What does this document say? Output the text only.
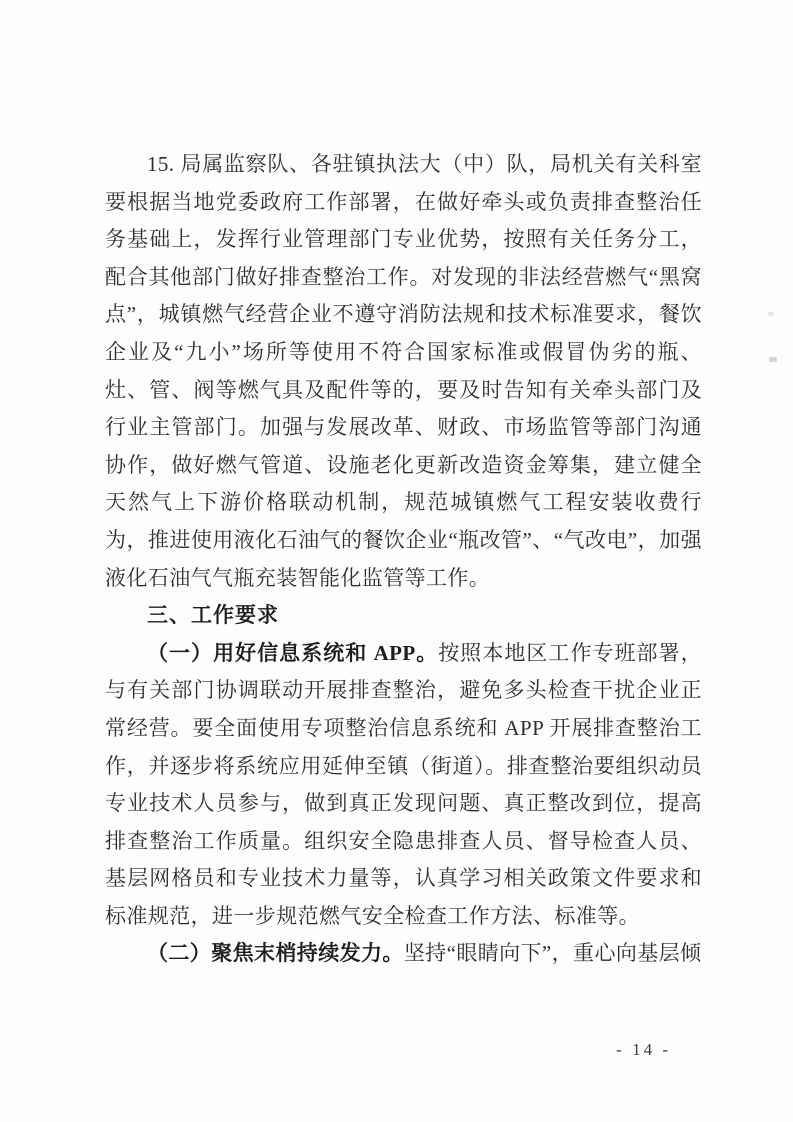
15. 局属监察队、各驻镇执法大（中）队，局机关有关科室要根据当地党委政府工作部署，在做好牵头或负责排查整治任务基础上，发挥行业管理部门专业优势，按照有关任务分工，配合其他部门做好排查整治工作。对发现的非法经营燃气“黑窝点”，城镇燃气经营企业不遵守消防法规和技术标准要求，餐饮企业及“九小”场所等使用不符合国家标准或假冒伪劣的瓶、灶、管、阀等燃气具及配件等的，要及时告知有关牵头部门及行业主管部门。加强与发展改革、财政、市场监管等部门沟通协作，做好燃气管道、设施老化更新改造资金筹集，建立健全天然气上下游价格联动机制，规范城镇燃气工程安装收费行为，推进使用液化石油气的餐饮企业“瓶改管”、“气改电”，加强液化石油气气瓶充装智能化监管等工作。

三、工作要求

（一）用好信息系统和 APP。按照本地区工作专班部署，与有关部门协调联动开展排查整治，避免多头检查干扰企业正常经营。要全面使用专项整治信息系统和 APP 开展排查整治工作，并逐步将系统应用延伸至镇（街道）。排查整治要组织动员专业技术人员参与，做到真正发现问题、真正整改到位，提高排查整治工作质量。组织安全隐患排查人员、督导检查人员、基层网格员和专业技术力量等，认真学习相关政策文件要求和标准规范，进一步规范燃气安全检查工作方法、标准等。

（二）聚焦末梢持续发力。坚持“眼睛向下”，重心向基层倾

- 14 -
